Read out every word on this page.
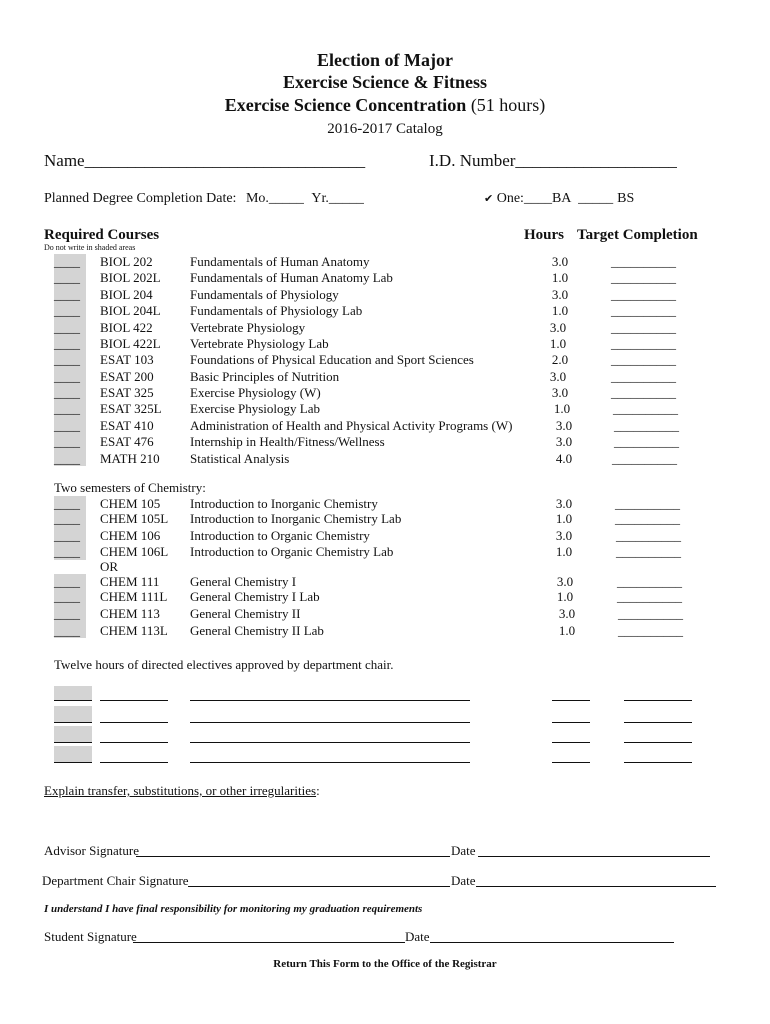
Election of Major
Exercise Science & Fitness
Exercise Science Concentration (51 hours)
2016-2017 Catalog
Name_________________________________	I.D. Number___________________
Planned Degree Completion Date: Mo._____ Yr._____	✔ One:____BA _____ BS
Required Courses	Hours Target Completion
Do not write in shaded areas
____ BIOL 202	Fundamentals of Human Anatomy	3.0	__________
____ BIOL 202L Fundamentals of Human Anatomy Lab	1.0	__________
____ BIOL 204	Fundamentals of Physiology	3.0	__________
____ BIOL 204L Fundamentals of Physiology Lab	1.0	__________
____ BIOL 422	Vertebrate Physiology	3.0	__________
____ BIOL 422L Vertebrate Physiology Lab	1.0	__________
____ ESAT 103	Foundations of Physical Education and Sport Sciences	2.0	__________
____ ESAT 200	Basic Principles of Nutrition	3.0	__________
____ ESAT 325	Exercise Physiology (W)	3.0	__________
____ ESAT 325L Exercise Physiology Lab	1.0	__________
____ ESAT 410	Administration of Health and Physical Activity Programs (W)	3.0	__________
____ ESAT 476	Internship in Health/Fitness/Wellness	3.0	__________
____ MATH 210 Statistical Analysis	4.0	__________
Two semesters of Chemistry:
____ CHEM 105 Introduction to Inorganic Chemistry	3.0	__________
____ CHEM 105L Introduction to Inorganic Chemistry Lab	1.0	__________
____ CHEM 106 Introduction to Organic Chemistry	3.0	__________
____ CHEM 106L Introduction to Organic Chemistry Lab	1.0	__________
OR
____ CHEM 111 General Chemistry I	3.0	__________
____ CHEM 111L General Chemistry I Lab	1.0	__________
____ CHEM 113 General Chemistry II	3.0	__________
____ CHEM 113L General Chemistry II Lab	1.0	__________
Twelve hours of directed electives approved by department chair.
Explain transfer, substitutions, or other irregularities:
Advisor Signature	Date
Department Chair Signature	Date
I understand I have final responsibility for monitoring my graduation requirements
Student Signature	Date
Return This Form to the Office of the Registrar
